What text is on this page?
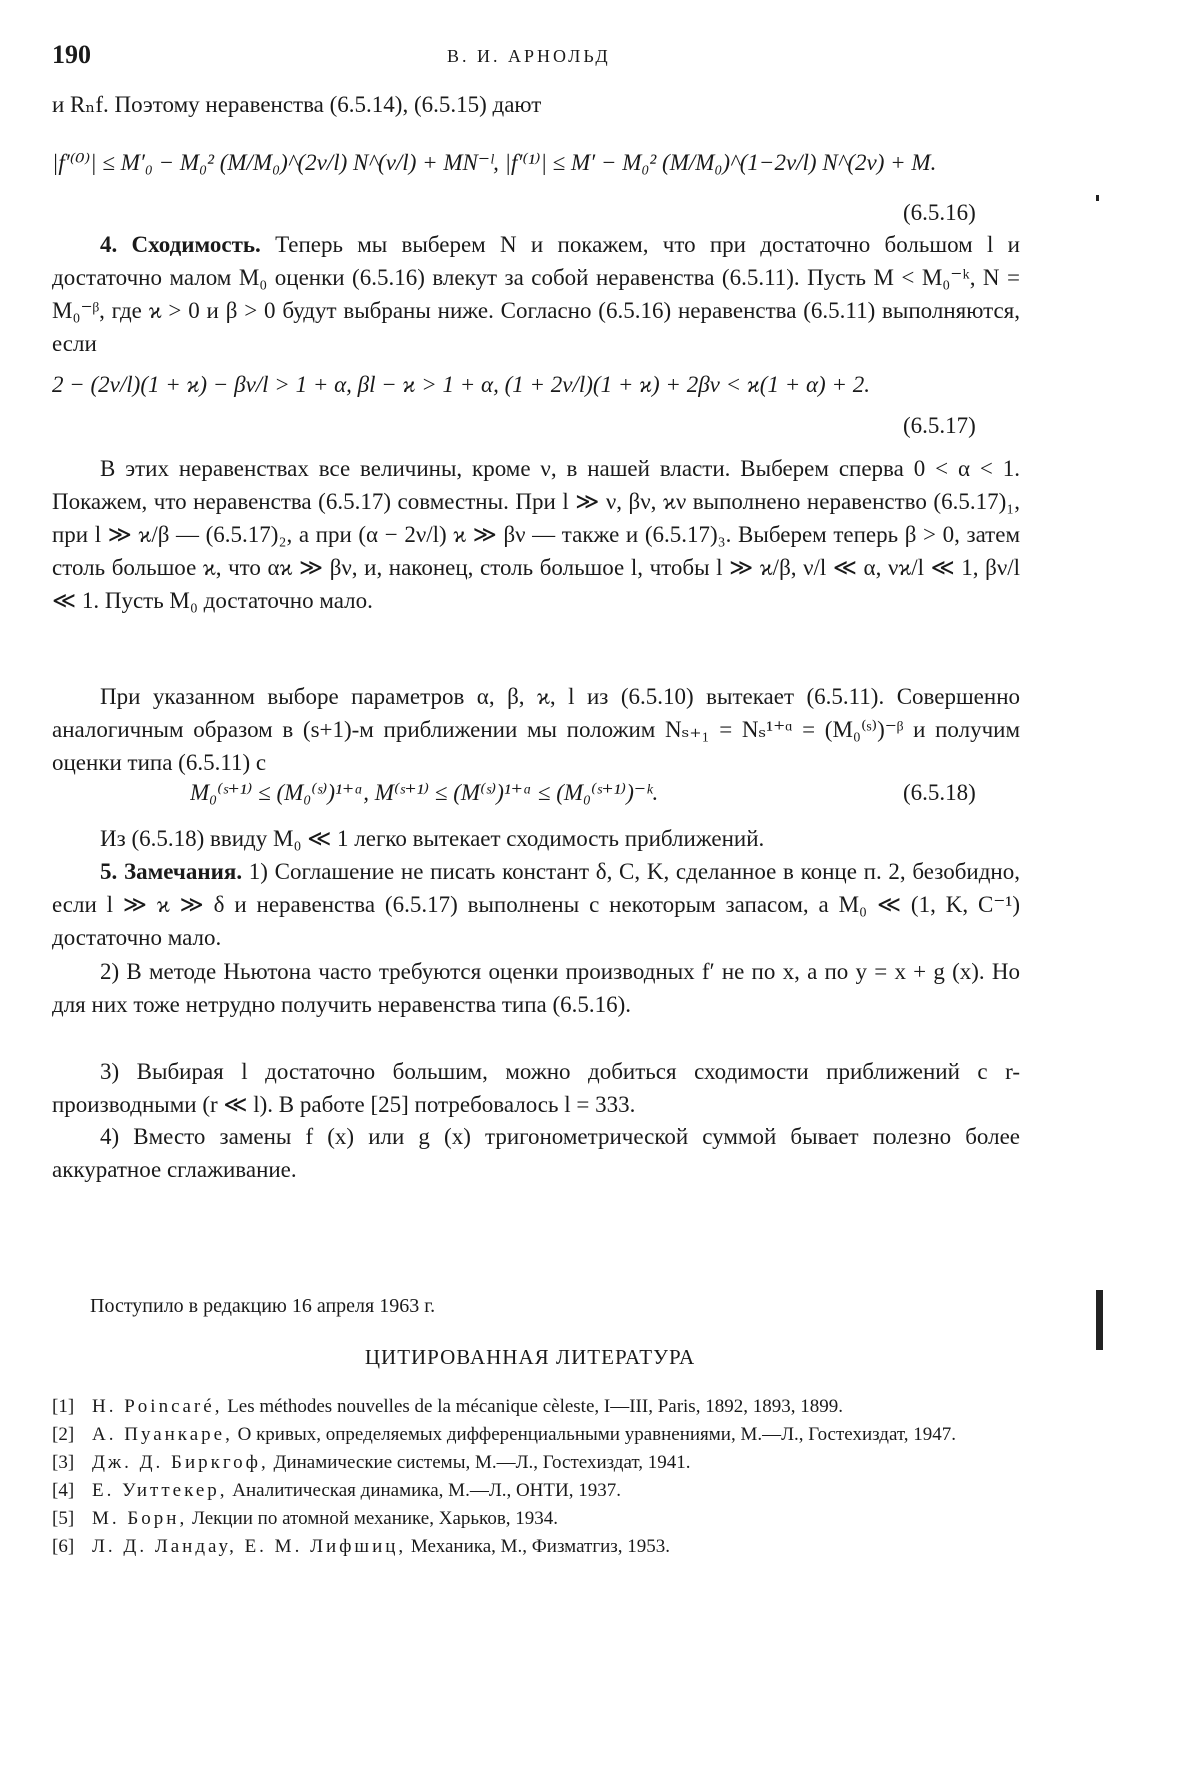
190	В. И. АРНОЛЬД

и Rₙf. Поэтому неравенства (6.5.14), (6.5.15) дают

|f′⁽⁰⁾| ≤ M′₀ − M₀² (M/M₀)^(2ν/l) N^(ν/l) + MN⁻ˡ, |f′⁽¹⁾| ≤ M′ − M₀² (M/M₀)^(1−2ν/l) N^(2ν) + M.
(6.5.16)

4. Сходимость. Теперь мы выберем N и покажем, что при достаточно большом l и достаточно малом M₀ оценки (6.5.16) влекут за собой неравенства (6.5.11). Пусть M < M₀⁻ᵏ, N = M₀⁻ᵝ, где ϰ > 0 и β > 0 будут выбраны ниже. Согласно (6.5.16) неравенства (6.5.11) выполняются, если

2 − (2ν/l)(1 + ϰ) − βν/l > 1 + α, βl − ϰ > 1 + α, (1 + 2ν/l)(1 + ϰ) + 2βν < ϰ(1 + α) + 2.
(6.5.17)

В этих неравенствах все величины, кроме ν, в нашей власти. Выберем сперва 0 < α < 1. Покажем, что неравенства (6.5.17) совместны. При l ≫ ν, βν, ϰν выполнено неравенство (6.5.17)₁, при l ≫ ϰ/β — (6.5.17)₂, а при (α − 2ν/l) ϰ ≫ βν — также и (6.5.17)₃. Выберем теперь β > 0, затем столь большое ϰ, что αϰ ≫ βν, и, наконец, столь большое l, чтобы l ≫ ϰ/β, ν/l ≪ α, νϰ/l ≪ 1, βν/l ≪ 1. Пусть M₀ достаточно мало.

При указанном выборе параметров α, β, ϰ, l из (6.5.10) вытекает (6.5.11). Совершенно аналогичным образом в (s+1)-м приближении мы положим Nₛ₊₁ = Nₛ¹⁺ᵅ = (M₀⁽ˢ⁾)⁻ᵝ и получим оценки типа (6.5.11) с

M₀⁽ˢ⁺¹⁾ ≤ (M₀⁽ˢ⁾)¹⁺ᵅ, M⁽ˢ⁺¹⁾ ≤ (M⁽ˢ⁾)¹⁺ᵅ ≤ (M₀⁽ˢ⁺¹⁾)⁻ᵏ.	(6.5.18)

Из (6.5.18) ввиду M₀ ≪ 1 легко вытекает сходимость приближений.

5. Замечания. 1) Соглашение не писать констант δ, C, K, сделанное в конце п. 2, безобидно, если l ≫ ϰ ≫ δ и неравенства (6.5.17) выполнены с некоторым запасом, а M₀ ≪ (1, K, C⁻¹) достаточно мало.

2) В методе Ньютона часто требуются оценки производных f′ не по x, а по y = x + g (x). Но для них тоже нетрудно получить неравенства типа (6.5.16).

3) Выбирая l достаточно большим, можно добиться сходимости приближений с r-производными (r ≪ l). В работе [25] потребовалось l = 333.

4) Вместо замены f (x) или g (x) тригонометрической суммой бывает полезно более аккуратное сглаживание.

Поступило в редакцию 16 апреля 1963 г.
ЦИТИРОВАННАЯ ЛИТЕРАТУРА
[1] H. Poincaré, Les méthodes nouvelles de la mécanique cèleste, I—III, Paris, 1892, 1893, 1899.
[2] А. Пуанкаре, О кривых, определяемых дифференциальными уравнениями, М.—Л., Гостехиздат, 1947.
[3] Дж. Д. Биркгоф, Динамические системы, М.—Л., Гостехиздат, 1941.
[4] Е. Уиттекер, Аналитическая динамика, М.—Л., ОНТИ, 1937.
[5] М. Борн, Лекции по атомной механике, Харьков, 1934.
[6] Л. Д. Ландау, Е. М. Лифшиц, Механика, М., Физматгиз, 1953.
